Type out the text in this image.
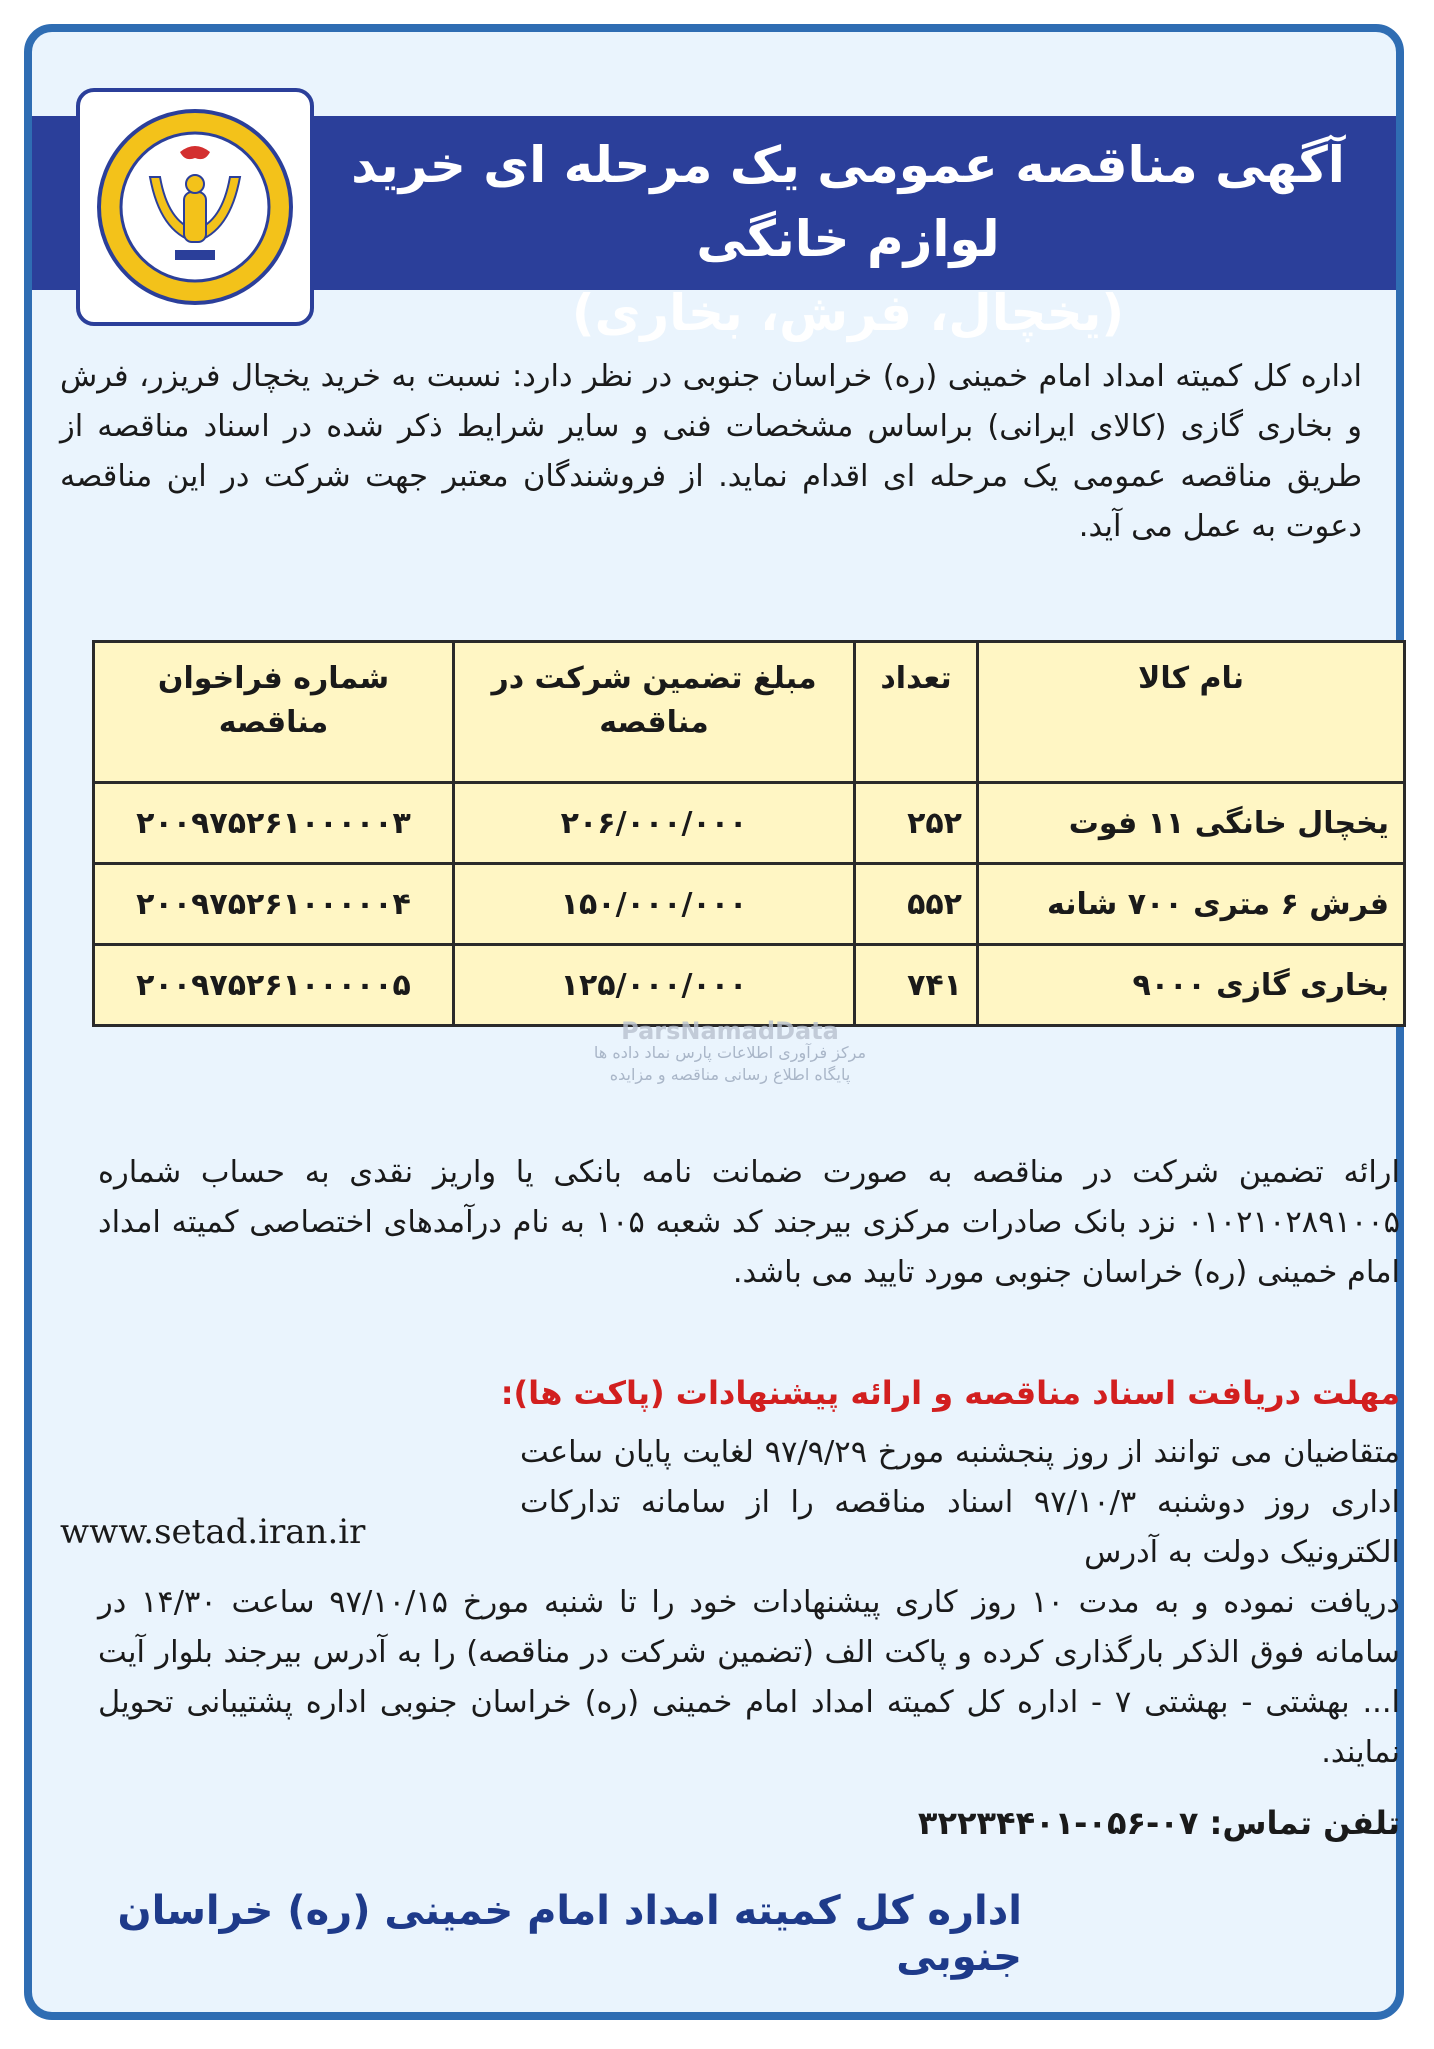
آگهی مناقصه عمومی یک مرحله ای خرید لوازم خانگی
(یخچال، فرش، بخاری)
اداره کل کمیته امداد امام خمینی (ره) خراسان جنوبی در نظر دارد: نسبت به خرید یخچال فریزر، فرش و بخاری گازی (کالای ایرانی) براساس مشخصات فنی و سایر شرایط ذکر شده در اسناد مناقصه از طریق مناقصه عمومی یک مرحله ای اقدام نماید. از فروشندگان معتبر جهت شرکت در این مناقصه دعوت به عمل می آید.
نام کالا	تعداد	مبلغ تضمین شرکت در مناقصه	شماره فراخوان مناقصه
یخچال خانگی ۱۱ فوت	۲۵۲	۲۰۶/۰۰۰/۰۰۰	۲۰۰۹۷۵۲۶۱۰۰۰۰۰۳
فرش ۶ متری ۷۰۰ شانه	۵۵۲	۱۵۰/۰۰۰/۰۰۰	۲۰۰۹۷۵۲۶۱۰۰۰۰۰۴
بخاری گازی ۹۰۰۰	۷۴۱	۱۲۵/۰۰۰/۰۰۰	۲۰۰۹۷۵۲۶۱۰۰۰۰۰۵
ParsNamadData
مرکز فرآوری اطلاعات پارس نماد داده ها
پایگاه اطلاع رسانی مناقصه و مزایده
ارائه تضمین شرکت در مناقصه به صورت ضمانت نامه بانکی یا واریز نقدی به حساب شماره ۰۱۰۲۱۰۲۸۹۱۰۰۵ نزد بانک صادرات مرکزی بیرجند کد شعبه ۱۰۵ به نام درآمدهای اختصاصی کمیته امداد امام خمینی (ره) خراسان جنوبی مورد تایید می باشد.
مهلت دریافت اسناد مناقصه و ارائه پیشنهادات (پاکت ها):
متقاضیان می توانند از روز پنجشنبه مورخ ۹۷/۹/۲۹ لغایت پایان ساعت اداری روز دوشنبه ۹۷/۱۰/۳ اسناد مناقصه را از سامانه تدارکات الکترونیک دولت به آدرس
www.setad.iran.ir
دریافت نموده و به مدت ۱۰ روز کاری پیشنهادات خود را تا شنبه مورخ ۹۷/۱۰/۱۵ ساعت ۱۴/۳۰ در سامانه فوق الذکر بارگذاری کرده و پاکت الف (تضمین شرکت در مناقصه) را به آدرس بیرجند بلوار آیت ا... بهشتی - بهشتی ۷ - اداره کل کمیته امداد امام خمینی (ره) خراسان جنوبی اداره پشتیبانی تحویل نمایند.
تلفن تماس: ۰۷-۰۵۶-۳۲۲۳۴۴۰۱
اداره کل کمیته امداد امام خمینی (ره) خراسان جنوبی
